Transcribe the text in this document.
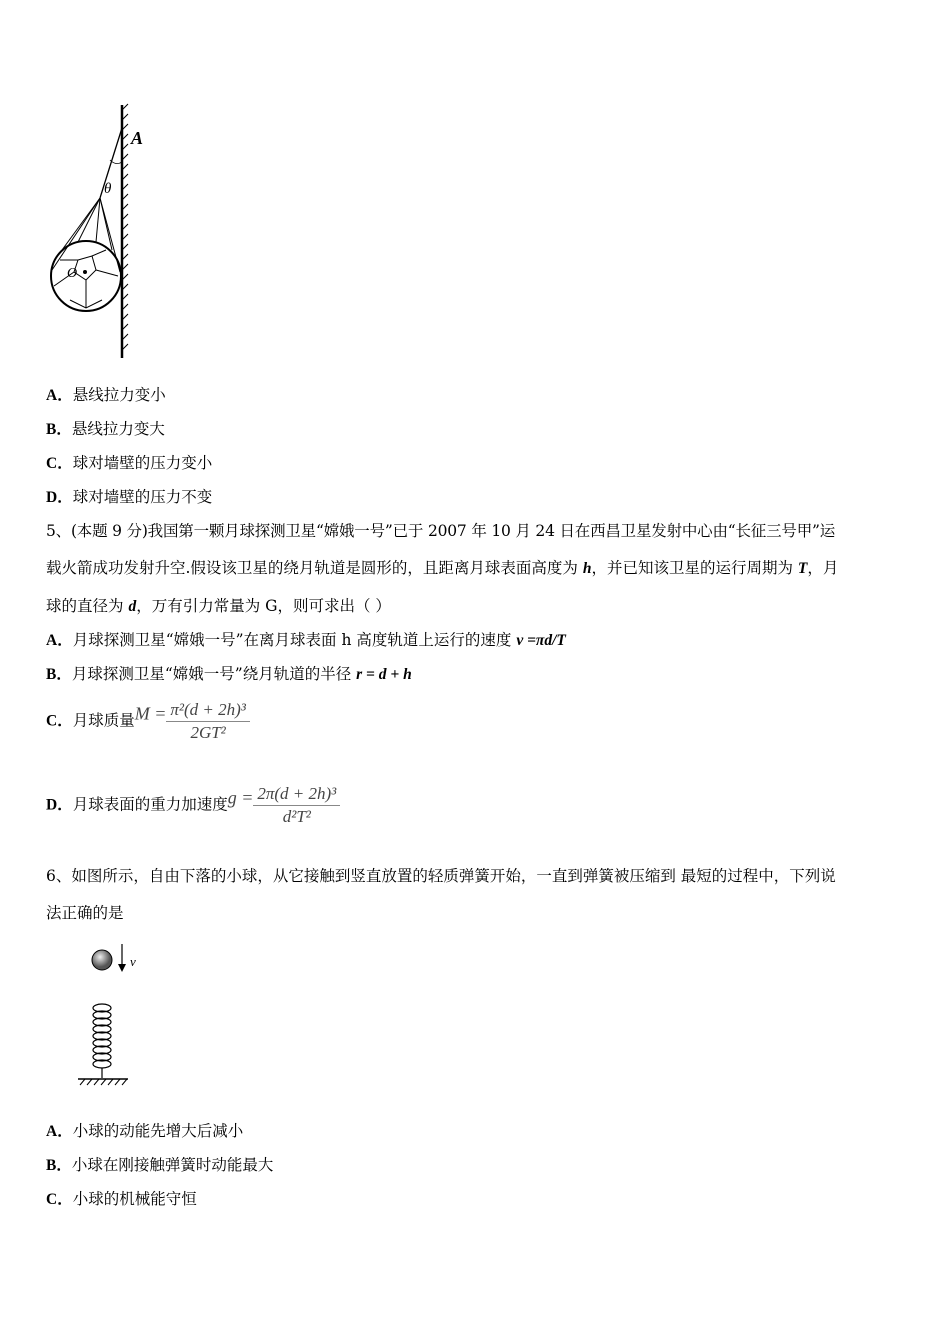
A
θ
O
A．悬线拉力变小
B．悬线拉力变大
C．球对墙壁的压力变小
D．球对墙壁的压力不变
5、(本题 9 分)我国第一颗月球探测卫星“嫦娥一号”已于 2007 年 10 月 24 日在西昌卫星发射中心由“长征三号甲”运
载火箭成功发射升空.假设该卫星的绕月轨道是圆形的，且距离月球表面高度为 h，并已知该卫星的运行周期为 T，月
球的直径为 d，万有引力常量为 G，则可求出（ ）
A．月球探测卫星“嫦娥一号”在离月球表面 h 高度轨道上运行的速度 v =πd/T
B．月球探测卫星“嫦娥一号”绕月轨道的半径 r = d + h
C．月球质量$M = \frac{\text{π²(d + 2h)³}}{\text{2GT²}}$
D．月球表面的重力加速度$g = \frac{\text{2π(d + 2h)³}}{\text{d²T²}}$
6、如图所示，自由下落的小球，从它接触到竖直放置的轻质弹簧开始，一直到弹簧被压缩到 最短的过程中，下列说
法正确的是
v
A．小球的动能先增大后减小
B．小球在刚接触弹簧时动能最大
C．小球的机械能守恒
